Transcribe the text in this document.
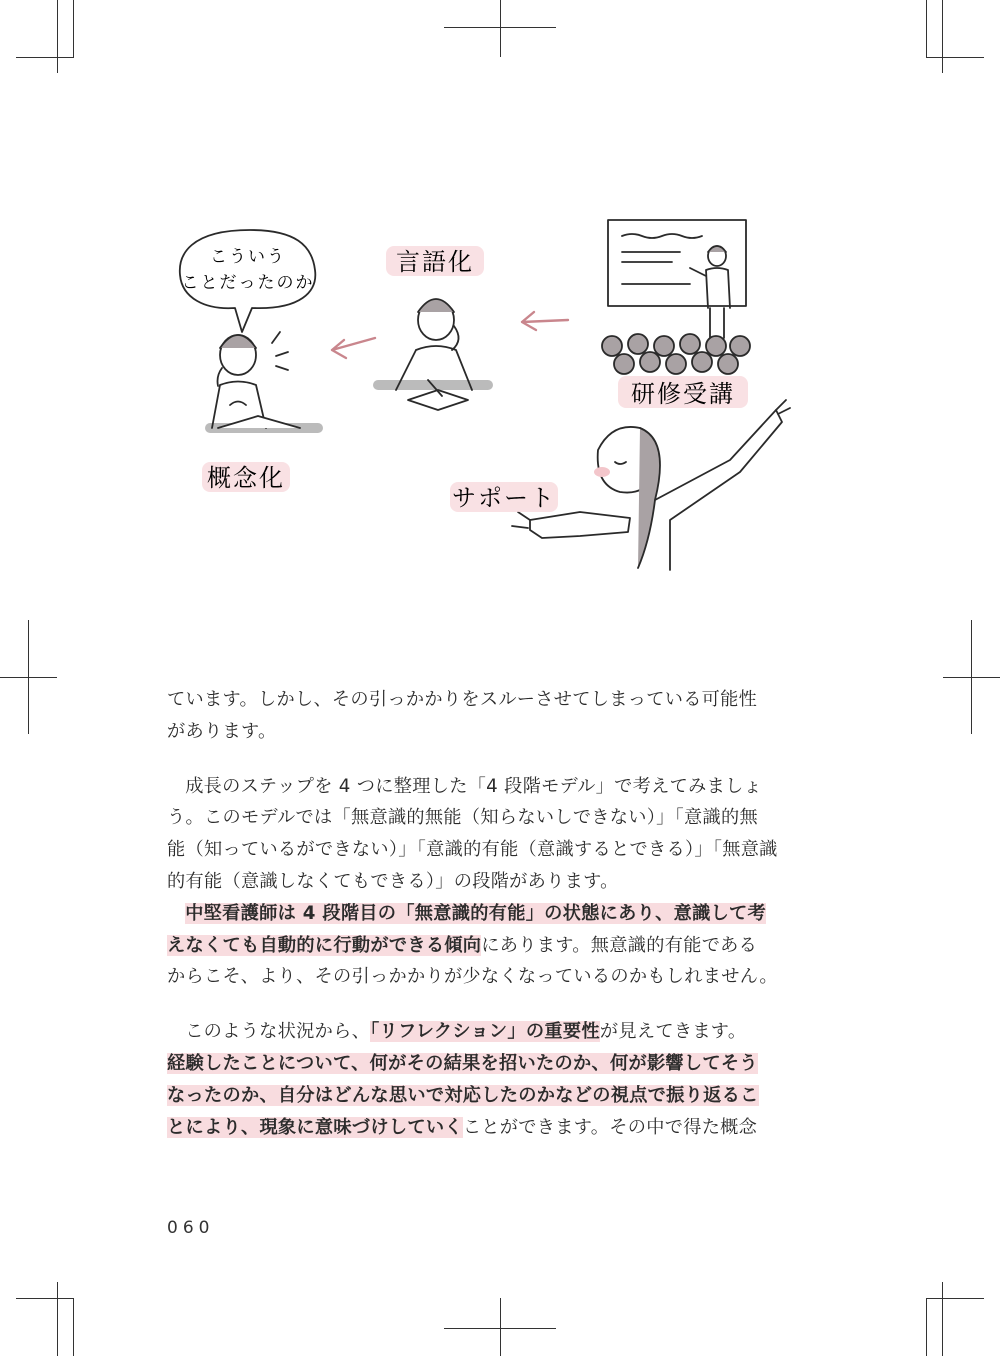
こういう
ことだったのか
概念化
言語化
研修受講
サポート
ています。しかし、その引っかかりをスルーさせてしまっている可能性
があります。
成長のステップを 4 つに整理した「4 段階モデル」で考えてみましょ
う。このモデルでは「無意識的無能（知らないしできない）」「意識的無
能（知っているができない）」「意識的有能（意識するとできる）」「無意識
的有能（意識しなくてもできる）」の段階があります。
中堅看護師は 4 段階目の「無意識的有能」の状態にあり、意識して考
えなくても自動的に行動ができる傾向にあります。無意識的有能である
からこそ、より、その引っかかりが少なくなっているのかもしれません。
このような状況から、「リフレクション」の重要性が見えてきます。
経験したことについて、何がその結果を招いたのか、何が影響してそう
なったのか、自分はどんな思いで対応したのかなどの視点で振り返るこ
とにより、現象に意味づけしていくことができます。その中で得た概念
060
